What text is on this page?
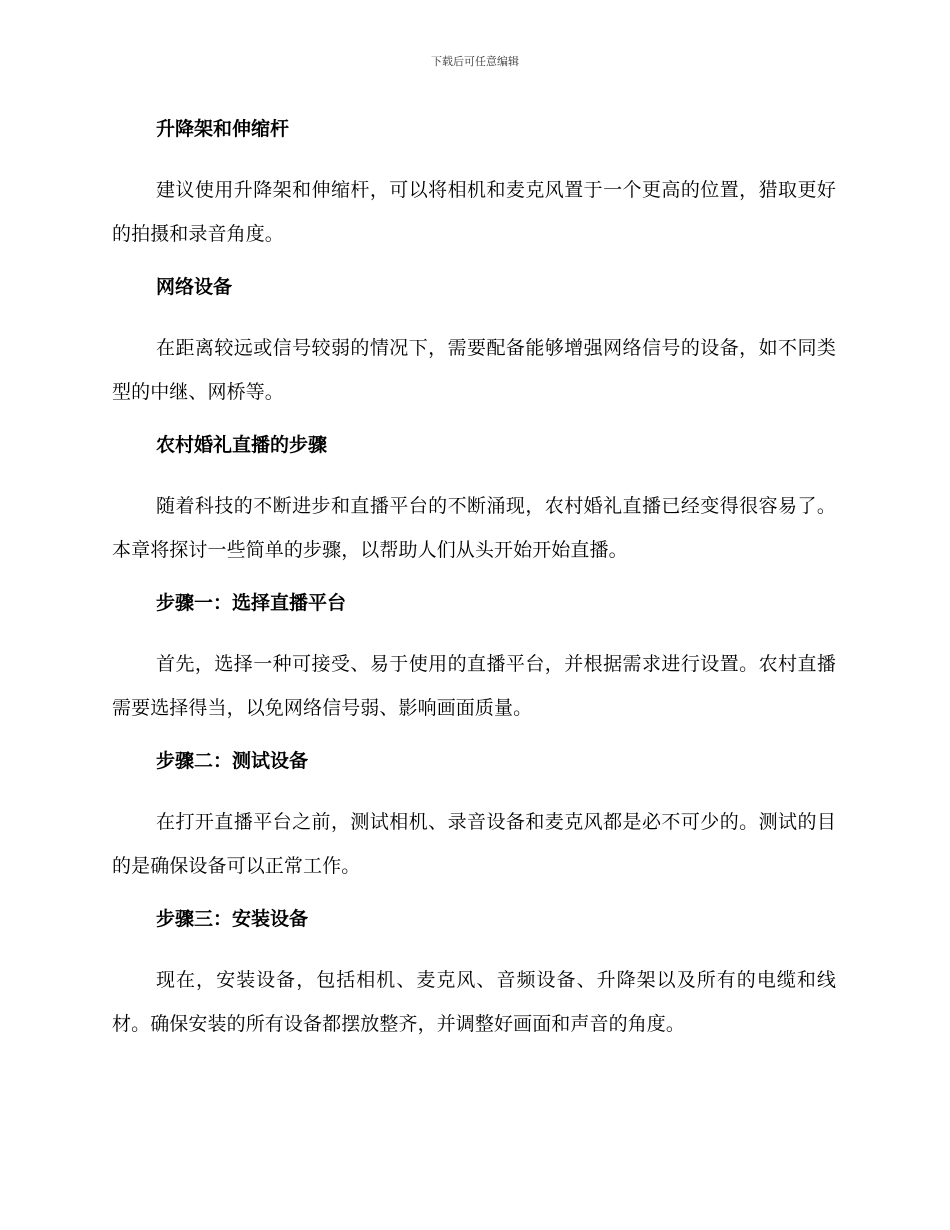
下载后可任意编辑
升降架和伸缩杆

建议使用升降架和伸缩杆，可以将相机和麦克风置于一个更高的位置，猎取更好的拍摄和录音角度。

网络设备

在距离较远或信号较弱的情况下，需要配备能够增强网络信号的设备，如不同类型的中继、网桥等。

农村婚礼直播的步骤

随着科技的不断进步和直播平台的不断涌现，农村婚礼直播已经变得很容易了。 本章将探讨一些简单的步骤，以帮助人们从头开始开始直播。

步骤一：选择直播平台

首先，选择一种可接受、易于使用的直播平台，并根据需求进行设置。农村直播需要选择得当，以免网络信号弱、影响画面质量。

步骤二：测试设备

在打开直播平台之前，测试相机、录音设备和麦克风都是必不可少的。测试的目的是确保设备可以正常工作。

步骤三：安装设备

现在，安装设备，包括相机、麦克风、音频设备、升降架以及所有的电缆和线材。确保安装的所有设备都摆放整齐，并调整好画面和声音的角度。
